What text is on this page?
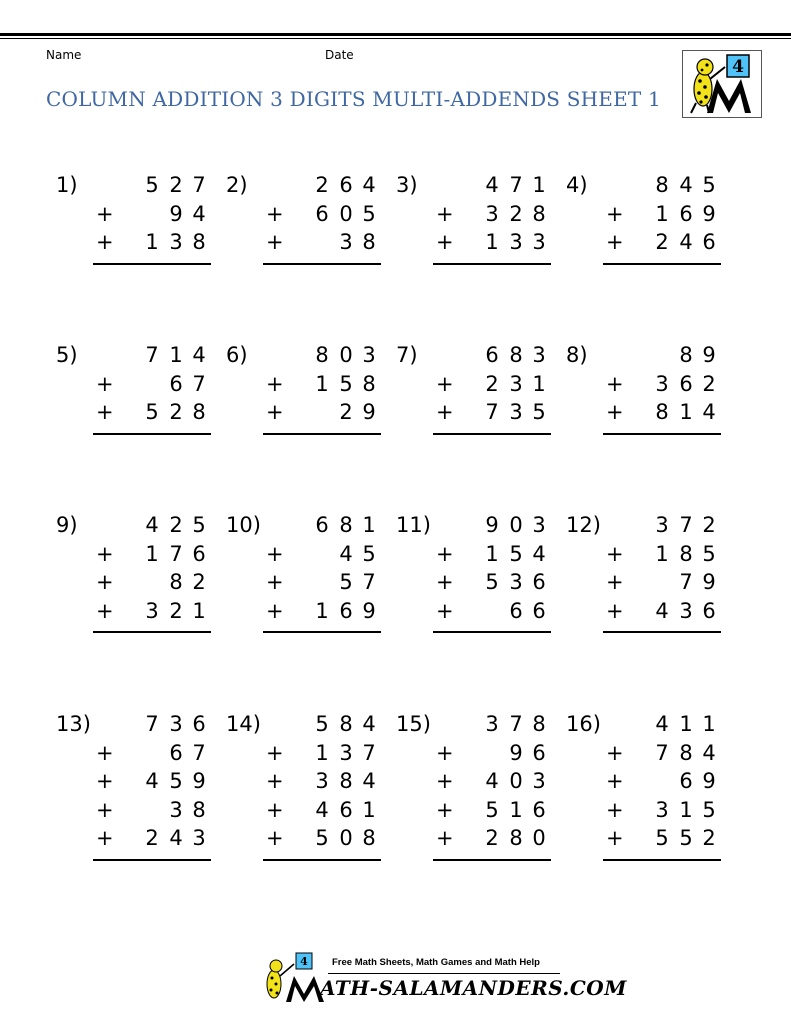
Name	Date
COLUMN ADDITION 3 DIGITS MULTI-ADDENDS SHEET 1
4
1)	5 2 7
+	9 4
+ 1 3 8
2)	2 6 4
+ 6 0 5
+	3 8
3)	4 7 1
+ 3 2 8
+ 1 3 3
4)	8 4 5
+ 1 6 9
+ 2 4 6
5)	7 1 4
+	6 7
+ 5 2 8
6)	8 0 3
+ 1 5 8
+	2 9
7)	6 8 3
+ 2 3 1
+ 7 3 5
8)	8 9
+ 3 6 2
+ 8 1 4
9)	4 2 5
+ 1 7 6
+	8 2
+ 3 2 1
10)	6 8 1
+	4 5
+	5 7
+ 1 6 9
11)	9 0 3
+ 1 5 4
+ 5 3 6
+	6 6
12)	3 7 2
+ 1 8 5
+	7 9
+ 4 3 6
13)	7 3 6
+	6 7
+ 4 5 9
+	3 8
+ 2 4 3
14)	5 8 4
+ 1 3 7
+ 3 8 4
+ 4 6 1
+ 5 0 8
15)	3 7 8
+	9 6
+ 4 0 3
+ 5 1 6
+ 2 8 0
16)	4 1 1
+ 7 8 4
+	6 9
+ 3 1 5
+ 5 5 2
4	Free Math Sheets, Math Games and Math Help
ATH-SALAMANDERS.COM
